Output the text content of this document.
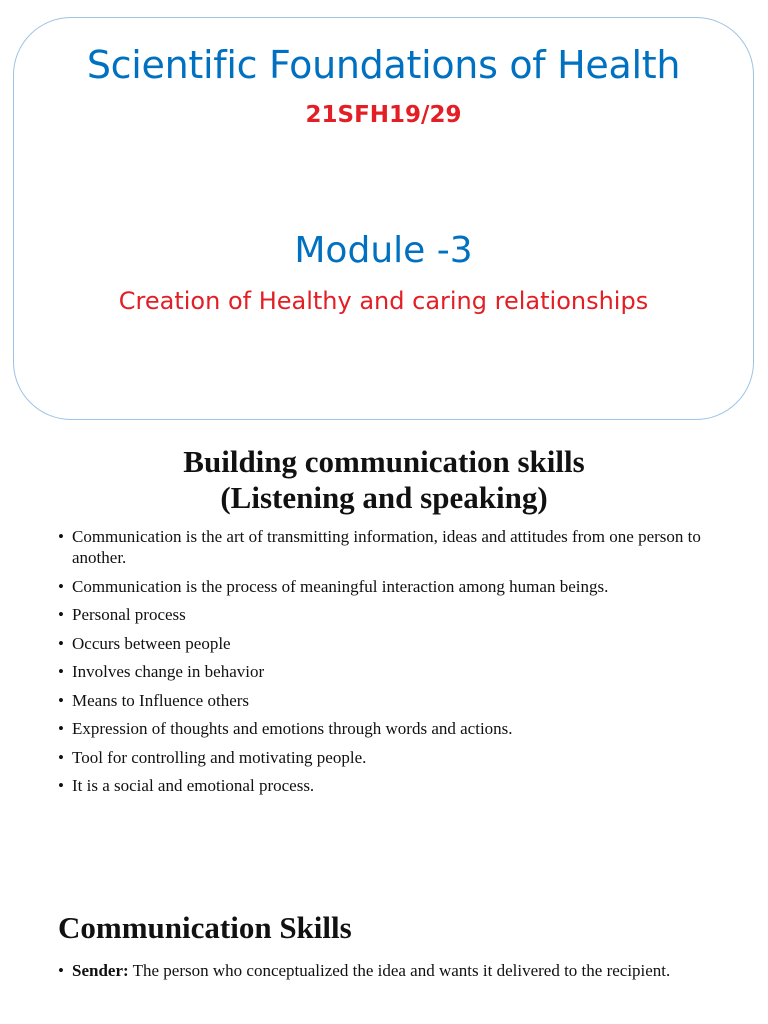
Scientific Foundations of Health
21SFH19/29
Module -3
Creation of Healthy and caring relationships
Building communication skills
(Listening and speaking)
• Communication is the art of transmitting information, ideas and attitudes from one person to another.
• Communication is the process of meaningful interaction among human beings.
• Personal process
• Occurs between people
• Involves change in behavior
• Means to Influence others
• Expression of thoughts and emotions through words and actions.
• Tool for controlling and motivating people.
• It is a social and emotional process.
Communication Skills
• Sender: The person who conceptualized the idea and wants it delivered to the recipient.
